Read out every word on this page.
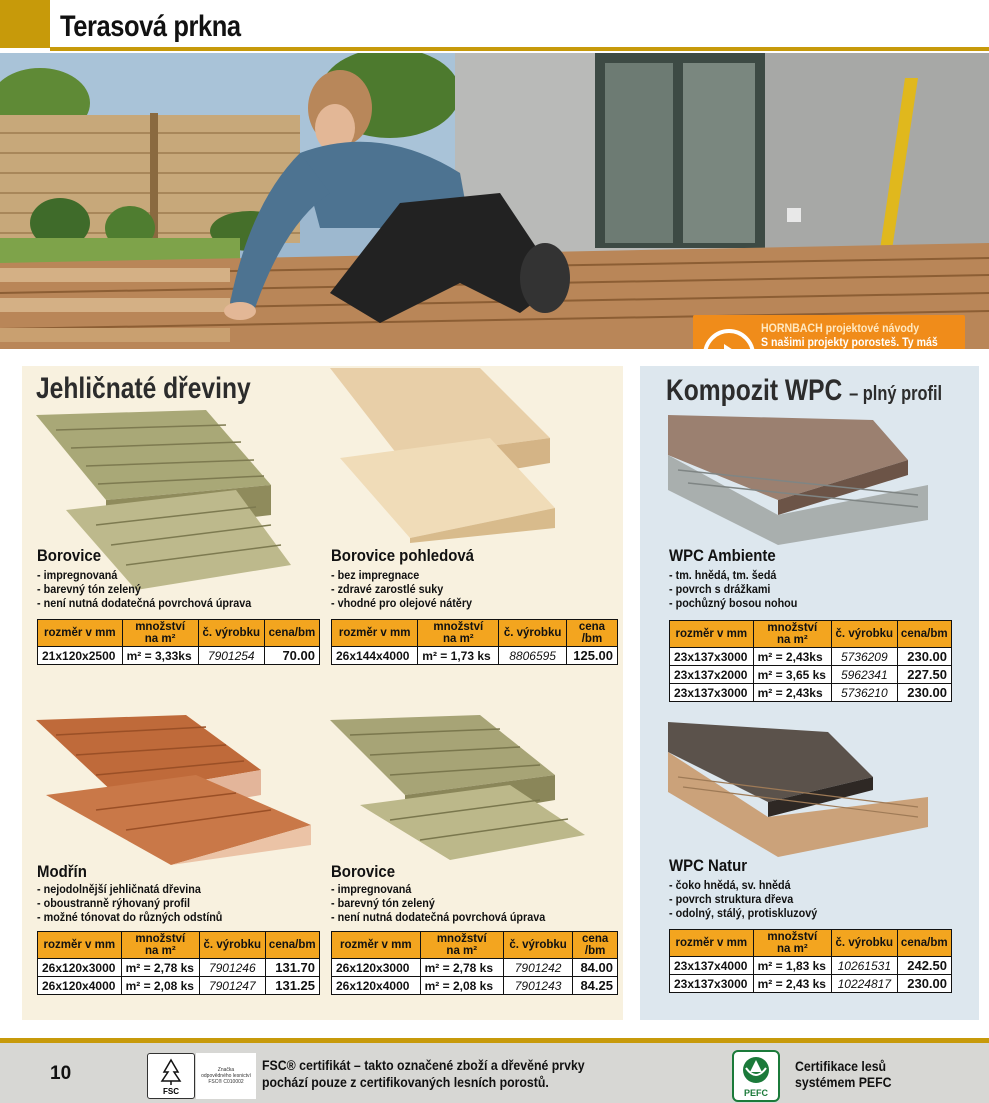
Terasová prkna
HORNBACH projektové návody
S našimi projekty porosteš. Ty máš
Jehličnaté dřeviny	Kompozit WPC – plný profil
Borovice
- impregnovaná
- barevný tón zelený
- není nutná dodatečná povrchová úprava
rozměr v mm	množství
na m²	č. výrobku	cena/bm
21x120x2500	m² = 3,33ks	7901254	70.00
Borovice pohledová
- bez impregnace
- zdravé zarostlé suky
- vhodné pro olejové nátěry
rozměr v mm	množství
na m²	č. výrobku	cena
/bm
26x144x4000	m² = 1,73 ks	8806595	125.00
Modřín
- nejodolnější jehličnatá dřevina
- oboustranně rýhovaný profil
- možné tónovat do různých odstínů
rozměr v mm	množství
na m²	č. výrobku	cena/bm
26x120x3000	m² = 2,78 ks	7901246	131.70
26x120x4000	m² = 2,08 ks	7901247	131.25
Borovice
- impregnovaná
- barevný tón zelený
- není nutná dodatečná povrchová úprava
rozměr v mm	množství
na m²	č. výrobku	cena
/bm
26x120x3000	m² = 2,78 ks	7901242	84.00
26x120x4000	m² = 2,08 ks	7901243	84.25
WPC Ambiente
- tm. hnědá, tm. šedá
- povrch s drážkami
- pochůzný bosou nohou
rozměr v mm	množství
na m²	č. výrobku	cena/bm
23x137x3000	m² = 2,43ks	5736209	230.00
23x137x2000	m² = 3,65 ks	5962341	227.50
23x137x3000	m² = 2,43ks	5736210	230.00
WPC Natur
- čoko hnědá, sv. hnědá
- povrch struktura dřeva
- odolný, stálý, protiskluzový
rozměr v mm	množství
na m²	č. výrobku	cena/bm
23x137x4000	m² = 1,83 ks	10261531	242.50
23x137x3000	m² = 2,43 ks	10224817	230.00
10
FSC
Značka
odpovědného lesnictví
FSC® C010002
FSC® certifikát – takto označené zboží a dřevěné prvky
pochází pouze z certifikovaných lesních porostů.
PEFC
Certifikace lesů
systémem PEFC
